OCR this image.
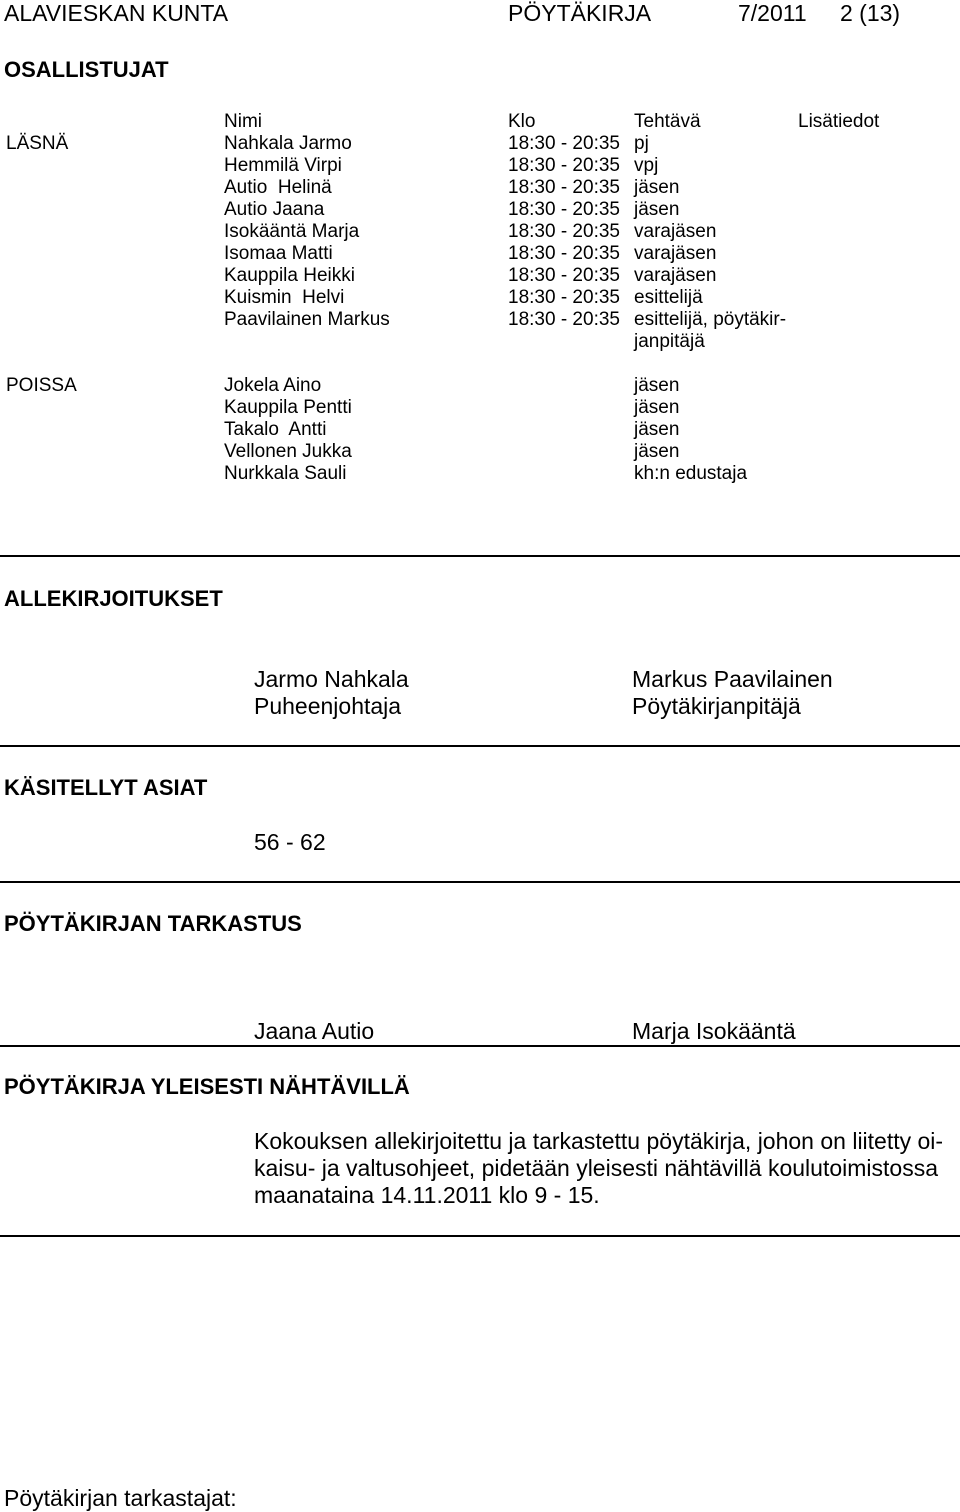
ALAVIESKAN KUNTA	PÖYTÄKIRJA	7/2011 2 (13)
OSALLISTUJAT
Nimi	Klo	Tehtävä	Lisätiedot
LÄSNÄ	Nahkala Jarmo	18:30 - 20:35 pj
Hemmilä Virpi	18:30 - 20:35 vpj
Autio  Helinä	18:30 - 20:35 jäsen
Autio Jaana	18:30 - 20:35 jäsen
Isokääntä Marja	18:30 - 20:35 varajäsen
Isomaa Matti	18:30 - 20:35 varajäsen
Kauppila Heikki	18:30 - 20:35 varajäsen
Kuismin  Helvi	18:30 - 20:35 esittelijä
Paavilainen Markus	18:30 - 20:35 esittelijä, pöytäkir-
janpitäjä
POISSA	Jokela Aino	jäsen
Kauppila Pentti	jäsen
Takalo  Antti	jäsen
Vellonen Jukka	jäsen
Nurkkala Sauli	kh:n edustaja
ALLEKIRJOITUKSET
Jarmo Nahkala
Puheenjohtaja
Markus Paavilainen
Pöytäkirjanpitäjä
KÄSITELLYT ASIAT
56 - 62
PÖYTÄKIRJAN TARKASTUS
Jaana Autio	Marja Isokääntä
PÖYTÄKIRJA YLEISESTI NÄHTÄVILLÄ
Kokouksen allekirjoitettu ja tarkastettu pöytäkirja, johon on liitetty oi-
kaisu- ja valtusohjeet, pidetään yleisesti nähtävillä koulutoimistossa
maanataina 14.11.2011 klo 9 - 15.
Pöytäkirjan tarkastajat:
